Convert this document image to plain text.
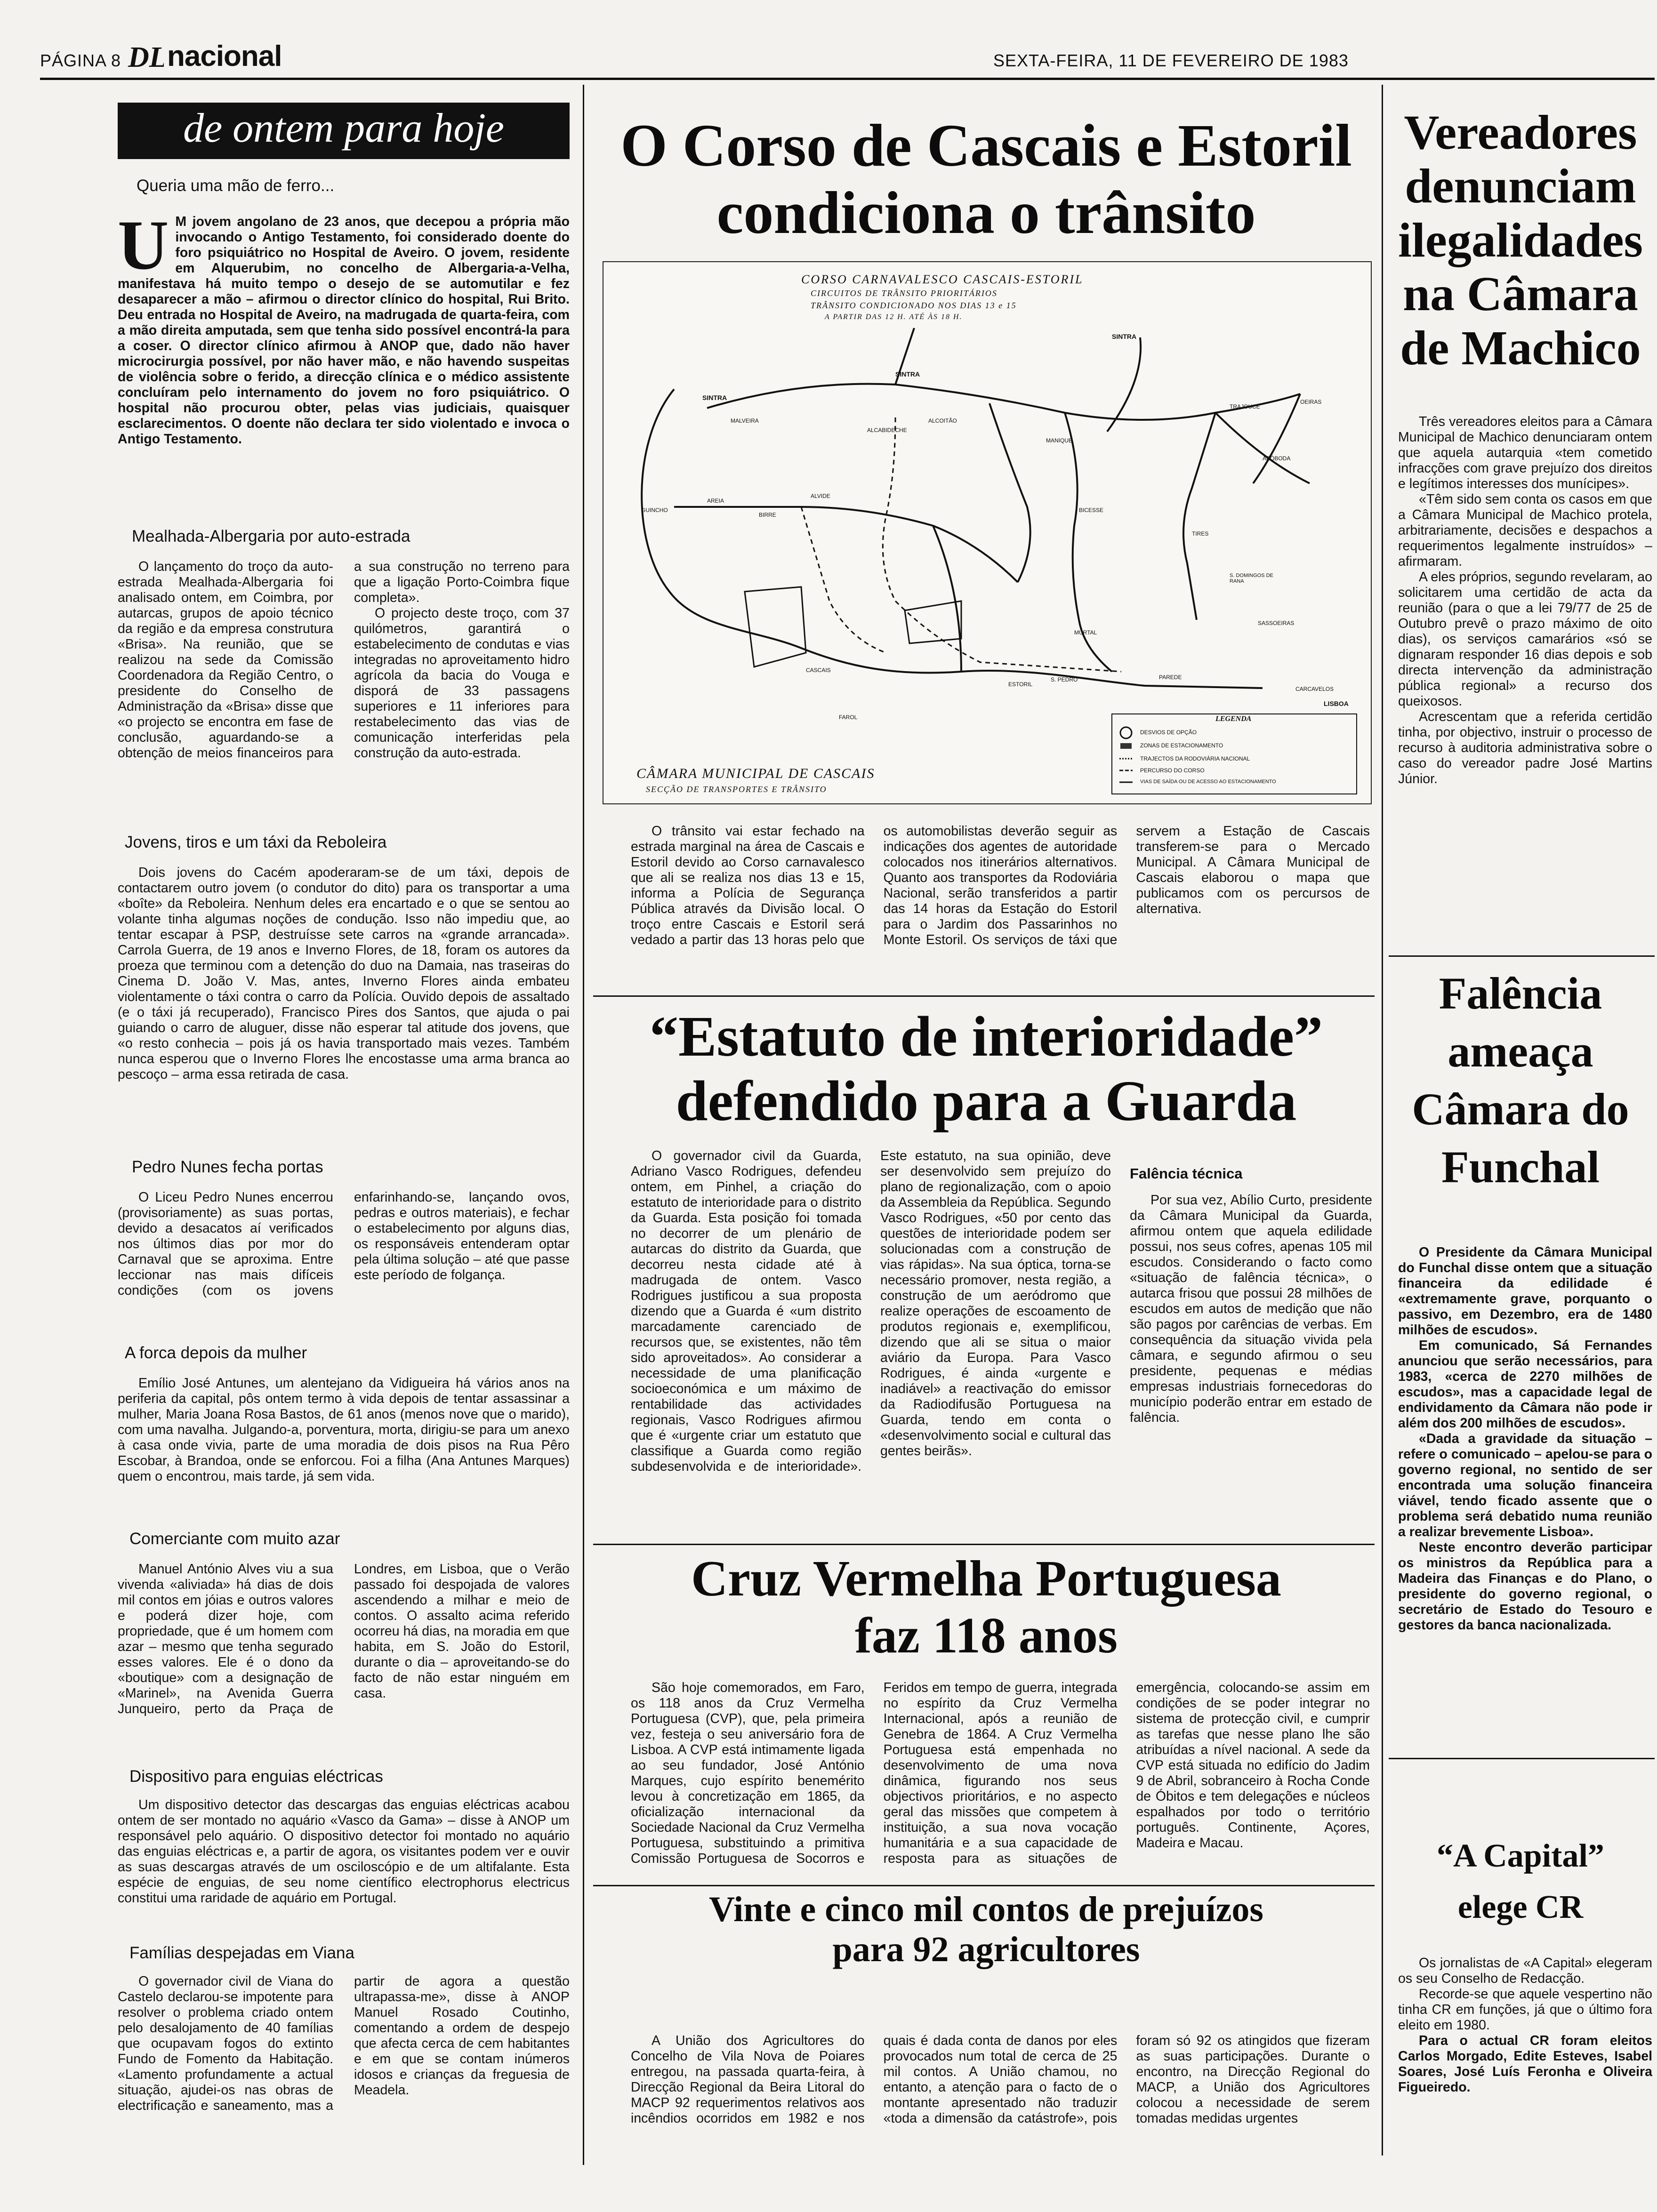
PÁGINA 8 DL nacional	SEXTA-FEIRA, 11 DE FEVEREIRO DE 1983
de ontem para hoje
Queria uma mão de ferro...
U M jovem angolano de 23 anos, que decepou a própria mão invocando o Antigo Testamento, foi considerado doente do foro psiquiátrico no Hospital de Aveiro. O jovem, residente em Alquerubim, no concelho de Albergaria-a-Velha, manifestava há muito tempo o desejo de se automutilar e fez desaparecer a mão – afirmou o director clínico do hospital, Rui Brito. Deu entrada no Hospital de Aveiro, na madrugada de quarta-feira, com a mão direita amputada, sem que tenha sido possível encontrá-la para a coser. O director clínico afirmou à ANOP que, dado não haver microcirurgia possível, por não haver mão, e não havendo suspeitas de violência sobre o ferido, a direcção clínica e o médico assistente concluíram pelo internamento do jovem no foro psiquiátrico. O hospital não procurou obter, pelas vias judiciais, quaisquer esclarecimentos. O doente não declara ter sido violentado e invoca o Antigo Testamento.
Mealhada-Albergaria por auto-estrada

O lançamento do troço da auto-estrada Mealhada-Albergaria foi analisado ontem, em Coimbra, por autarcas, grupos de apoio técnico da região e da empresa construtura «Brisa». Na reunião, que se realizou na sede da Comissão Coordenadora da Região Centro, o presidente do Conselho de Administração da «Brisa» disse que «o projecto se encontra em fase de conclusão, aguardando-se a obtenção de meios financeiros para a sua construção no terreno para que a ligação Porto-Coimbra fique completa».

O projecto deste troço, com 37 quilómetros, garantirá o estabelecimento de condutas e vias integradas no aproveitamento hidro agrícola da bacia do Vouga e disporá de 33 passagens superiores e 11 inferiores para restabelecimento das vias de comunicação interferidas pela construção da auto-estrada.

Jovens, tiros e um táxi da Reboleira

Dois jovens do Cacém apoderaram-se de um táxi, depois de contactarem outro jovem (o condutor do dito) para os transportar a uma «boîte» da Reboleira. Nenhum deles era encartado e o que se sentou ao volante tinha algumas noções de condução. Isso não impediu que, ao tentar escapar à PSP, destruísse sete carros na «grande arrancada». Carrola Guerra, de 19 anos e Inverno Flores, de 18, foram os autores da proeza que terminou com a detenção do duo na Damaia, nas traseiras do Cinema D. João V. Mas, antes, Inverno Flores ainda embateu violentamente o táxi contra o carro da Polícia. Ouvido depois de assaltado (e o táxi já recuperado), Francisco Pires dos Santos, que ajuda o pai guiando o carro de aluguer, disse não esperar tal atitude dos jovens, que «o resto conhecia – pois já os havia transportado mais vezes. Também nunca esperou que o Inverno Flores lhe encostasse uma arma branca ao pescoço – arma essa retirada de casa.

Pedro Nunes fecha portas

O Liceu Pedro Nunes encerrou (provisoriamente) as suas portas, devido a desacatos aí verificados nos últimos dias por mor do Carnaval que se aproxima. Entre leccionar nas mais difíceis condições (com os jovens enfarinhando-se, lançando ovos, pedras e outros materiais), e fechar o estabelecimento por alguns dias, os responsáveis entenderam optar pela última solução – até que passe este período de folgança.

A forca depois da mulher

Emílio José Antunes, um alentejano da Vidigueira há vários anos na periferia da capital, pôs ontem termo à vida depois de tentar assassinar a mulher, Maria Joana Rosa Bastos, de 61 anos (menos nove que o marido), com uma navalha. Julgando-a, porventura, morta, dirigiu-se para um anexo à casa onde vivia, parte de uma moradia de dois pisos na Rua Pêro Escobar, à Brandoa, onde se enforcou. Foi a filha (Ana Antunes Marques) quem o encontrou, mais tarde, já sem vida.

Comerciante com muito azar

Manuel António Alves viu a sua vivenda «aliviada» há dias de dois mil contos em jóias e outros valores e poderá dizer hoje, com propriedade, que é um homem com azar – mesmo que tenha segurado esses valores. Ele é o dono da «boutique» com a designação de «Marinel», na Avenida Guerra Junqueiro, perto da Praça de Londres, em Lisboa, que o Verão passado foi despojada de valores ascendendo a milhar e meio de contos. O assalto acima referido ocorreu há dias, na moradia em que habita, em S. João do Estoril, durante o dia – aproveitando-se do facto de não estar ninguém em casa.

Dispositivo para enguias eléctricas

Um dispositivo detector das descargas das enguias eléctricas acabou ontem de ser montado no aquário «Vasco da Gama» – disse à ANOP um responsável pelo aquário. O dispositivo detector foi montado no aquário das enguias eléctricas e, a partir de agora, os visitantes podem ver e ouvir as suas descargas através de um osciloscópio e de um altifalante. Esta espécie de enguias, de seu nome científico electrophorus electricus constitui uma raridade de aquário em Portugal.

Famílias despejadas em Viana

O governador civil de Viana do Castelo declarou-se impotente para resolver o problema criado ontem pelo desalojamento de 40 famílias que ocupavam fogos do extinto Fundo de Fomento da Habitação. «Lamento profundamente a actual situação, ajudei-os nas obras de electrificação e saneamento, mas a partir de agora a questão ultrapassa-me», disse à ANOP Manuel Rosado Coutinho, comentando a ordem de despejo que afecta cerca de cem habitantes e em que se contam inúmeros idosos e crianças da freguesia de Meadela.

O Corso de Cascais e Estoril condiciona o trânsito
CORSO CARNAVALESCO CASCAIS-ESTORIL
CIRCUITOS DE TRÂNSITO PRIORITÁRIOS
TRÂNSITO CONDICIONADO NOS DIAS 13 e 15
A PARTIR DAS 12 H. ATÉ ÀS 18 H.
SINTRA
SINTRA
SINTRA
MALVEIRA
ALCABIDECHE
MANIQUE
TRAJOUCE
OEIRAS
ABÓBODA
CARCAVELOS
LISBOA
PAREDE
S. DOMINGOS DE RANA
BICESSE
TIRES
MURTAL
SASSOEIRAS
GUINCHO
AREIA
BIRRE
ALVIDE
ALCOITÃO
ESTORIL
S. PEDRO
CASCAIS
FAROL	LEGENDA
DESVIOS DE OPÇÃO
ZONAS DE ESTACIONAMENTO
TRAJECTOS DA RODOVIÁRIA NACIONAL
PERCURSO DO CORSO
VIAS DE SAÍDA OU DE ACESSO AO ESTACIONAMENTO
CÂMARA MUNICIPAL DE CASCAIS
SECÇÃO DE TRANSPORTES E TRÂNSITO

O trânsito vai estar fechado na estrada marginal na área de Cascais e Estoril devido ao Corso carnavalesco que ali se realiza nos dias 13 e 15, informa a Polícia de Segurança Pública através da Divisão local. O troço entre Cascais e Estoril será vedado a partir das 13 horas pelo que os automobilistas deverão seguir as indicações dos agentes de autoridade colocados nos itinerários alternativos. Quanto aos transportes da Rodoviária Nacional, serão transferidos a partir das 14 horas da Estação do Estoril para o Jardim dos Passarinhos no Monte Estoril. Os serviços de táxi que servem a Estação de Cascais transferem-se para o Mercado Municipal. A Câmara Municipal de Cascais elaborou o mapa que publicamos com os percursos de alternativa.

“Estatuto de interioridade” defendido para a Guarda

O governador civil da Guarda, Adriano Vasco Rodrigues, defendeu ontem, em Pinhel, a criação do estatuto de interioridade para o distrito da Guarda. Esta posição foi tomada no decorrer de um plenário de autarcas do distrito da Guarda, que decorreu nesta cidade até à madrugada de ontem. Vasco Rodrigues justificou a sua proposta dizendo que a Guarda é «um distrito marcadamente carenciado de recursos que, se existentes, não têm sido aproveitados». Ao considerar a necessidade de uma planificação socioeconómica e um máximo de rentabilidade das actividades regionais, Vasco Rodrigues afirmou que é «urgente criar um estatuto que classifique a Guarda como região subdesenvolvida e de interioridade». Este estatuto, na sua opinião, deve ser desenvolvido sem prejuízo do plano de regionalização, com o apoio da Assembleia da República. Segundo Vasco Rodrigues, «50 por cento das questões de interioridade podem ser solucionadas com a construção de vias rápidas». Na sua óptica, torna-se necessário promover, nesta região, a construção de um aeródromo que realize operações de escoamento de produtos regionais e, exemplificou, dizendo que ali se situa o maior aviário da Europa. Para Vasco Rodrigues, é ainda «urgente e inadiável» a reactivação do emissor da Radiodifusão Portuguesa na Guarda, tendo em conta o «desenvolvimento social e cultural das gentes beirãs».

Falência técnica

Por sua vez, Abílio Curto, presidente da Câmara Municipal da Guarda, afirmou ontem que aquela edilidade possui, nos seus cofres, apenas 105 mil escudos. Considerando o facto como «situação de falência técnica», o autarca frisou que possui 28 milhões de escudos em autos de medição que não são pagos por carências de verbas. Em consequência da situação vivida pela câmara, e segundo afirmou o seu presidente, pequenas e médias empresas industriais fornecedoras do município poderão entrar em estado de falência.

Cruz Vermelha Portuguesa faz 118 anos

São hoje comemorados, em Faro, os 118 anos da Cruz Vermelha Portuguesa (CVP), que, pela primeira vez, festeja o seu aniversário fora de Lisboa. A CVP está intimamente ligada ao seu fundador, José António Marques, cujo espírito benemérito levou à concretização em 1865, da oficialização internacional da Sociedade Nacional da Cruz Vermelha Portuguesa, substituindo a primitiva Comissão Portuguesa de Socorros e Feridos em tempo de guerra, integrada no espírito da Cruz Vermelha Internacional, após a reunião de Genebra de 1864. A Cruz Vermelha Portuguesa está empenhada no desenvolvimento de uma nova dinâmica, figurando nos seus objectivos prioritários, e no aspecto geral das missões que competem à instituição, a sua nova vocação humanitária e a sua capacidade de resposta para as situações de emergência, colocando-se assim em condições de se poder integrar no sistema de protecção civil, e cumprir as tarefas que nesse plano lhe são atribuídas a nível nacional. A sede da CVP está situada no edifício do Jadim 9 de Abril, sobranceiro à Rocha Conde de Óbitos e tem delegações e núcleos espalhados por todo o território português. Continente, Açores, Madeira e Macau.

Vinte e cinco mil contos de prejuízos para 92 agricultores

A União dos Agricultores do Concelho de Vila Nova de Poiares entregou, na passada quarta-feira, à Direcção Regional da Beira Litoral do MACP 92 requerimentos relativos aos incêndios ocorridos em 1982 e nos quais é dada conta de danos por eles provocados num total de cerca de 25 mil contos. A União chamou, no entanto, a atenção para o facto de o montante apresentado não traduzir «toda a dimensão da catástrofe», pois foram só 92 os atingidos que fizeram as suas participações. Durante o encontro, na Direcção Regional do MACP, a União dos Agricultores colocou a necessidade de serem tomadas medidas urgentes

Vereadores denunciam ilegalidades na Câmara de Machico

Três vereadores eleitos para a Câmara Municipal de Machico denunciaram ontem que aquela autarquia «tem cometido infracções com grave prejuízo dos direitos e legítimos interesses dos munícipes».

«Têm sido sem conta os casos em que a Câmara Municipal de Machico protela, arbitrariamente, decisões e despachos a requerimentos legalmente instruídos» – afirmaram.

A eles próprios, segundo revelaram, ao solicitarem uma certidão de acta da reunião (para o que a lei 79/77 de 25 de Outubro prevê o prazo máximo de oito dias), os serviços camarários «só se dignaram responder 16 dias depois e sob directa intervenção da administração pública regional» a recurso dos queixosos.

Acrescentam que a referida certidão tinha, por objectivo, instruir o processo de recurso à auditoria administrativa sobre o caso do vereador padre José Martins Júnior.

Falência ameaça Câmara do Funchal

O Presidente da Câmara Municipal do Funchal disse ontem que a situação financeira da edilidade é «extremamente grave, porquanto o passivo, em Dezembro, era de 1480 milhões de escudos».

Em comunicado, Sá Fernandes anunciou que serão necessários, para 1983, «cerca de 2270 milhões de escudos», mas a capacidade legal de endividamento da Câmara não pode ir além dos 200 milhões de escudos».

«Dada a gravidade da situação – refere o comunicado – apelou-se para o governo regional, no sentido de ser encontrada uma solução financeira viável, tendo ficado assente que o problema será debatido numa reunião a realizar brevemente Lisboa».

Neste encontro deverão participar os ministros da República para a Madeira das Finanças e do Plano, o presidente do governo regional, o secretário de Estado do Tesouro e gestores da banca nacionalizada.

“A Capital” elege CR

Os jornalistas de «A Capital» elegeram os seu Conselho de Redacção.

Recorde-se que aquele vespertino não tinha CR em funções, já que o último fora eleito em 1980.

Para o actual CR foram eleitos Carlos Morgado, Edite Esteves, Isabel Soares, José Luís Feronha e Oliveira Figueiredo.
